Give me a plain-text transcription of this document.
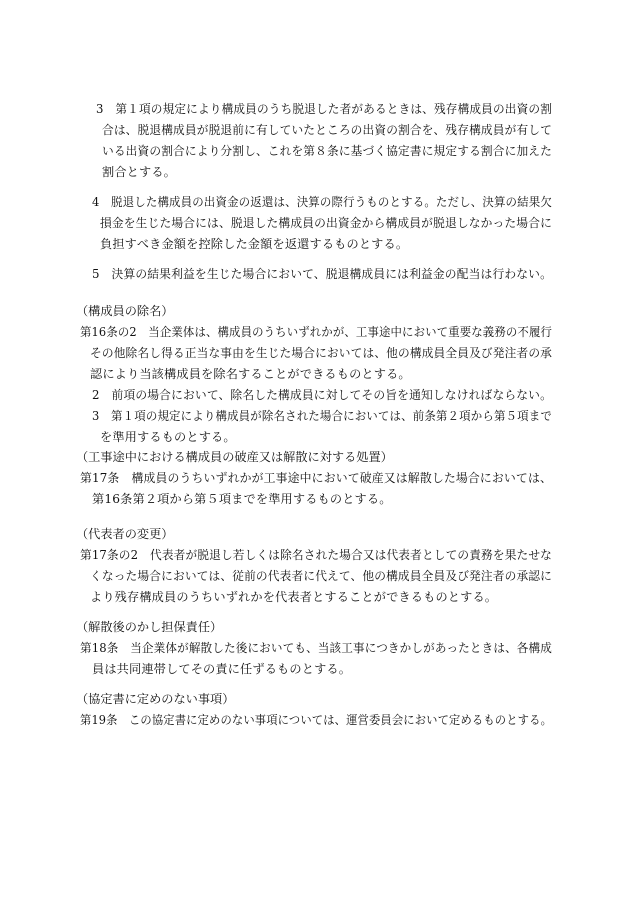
3　第１項の規定により構成員のうち脱退した者があるときは、残存構成員の出資の割
合は、脱退構成員が脱退前に有していたところの出資の割合を、残存構成員が有して
いる出資の割合により分割し、これを第８条に基づく協定書に規定する割合に加えた
割合とする。
4　脱退した構成員の出資金の返還は、決算の際行うものとする。ただし、決算の結果欠
損金を生じた場合には、脱退した構成員の出資金から構成員が脱退しなかった場合に
負担すべき金額を控除した金額を返還するものとする。
5　決算の結果利益を生じた場合において、脱退構成員には利益金の配当は行わない。
（構成員の除名）
第16条の2　当企業体は、構成員のうちいずれかが、工事途中において重要な義務の不履行
その他除名し得る正当な事由を生じた場合においては、他の構成員全員及び発注者の承
認により当該構成員を除名することができるものとする。
2　前項の場合において、除名した構成員に対してその旨を通知しなければならない。
3　第１項の規定により構成員が除名された場合においては、前条第２項から第５項まで
を準用するものとする。
（工事途中における構成員の破産又は解散に対する処置）
第17条　構成員のうちいずれかが工事途中において破産又は解散した場合においては、
第16条第２項から第５項までを準用するものとする。
（代表者の変更）
第17条の2　代表者が脱退し若しくは除名された場合又は代表者としての責務を果たせな
くなった場合においては、従前の代表者に代えて、他の構成員全員及び発注者の承認に
より残存構成員のうちいずれかを代表者とすることができるものとする。
（解散後のかし担保責任）
第18条　当企業体が解散した後においても、当該工事につきかしがあったときは、各構成
員は共同連帯してその責に任ずるものとする。
（協定書に定めのない事項）
第19条　この協定書に定めのない事項については、運営委員会において定めるものとする。
